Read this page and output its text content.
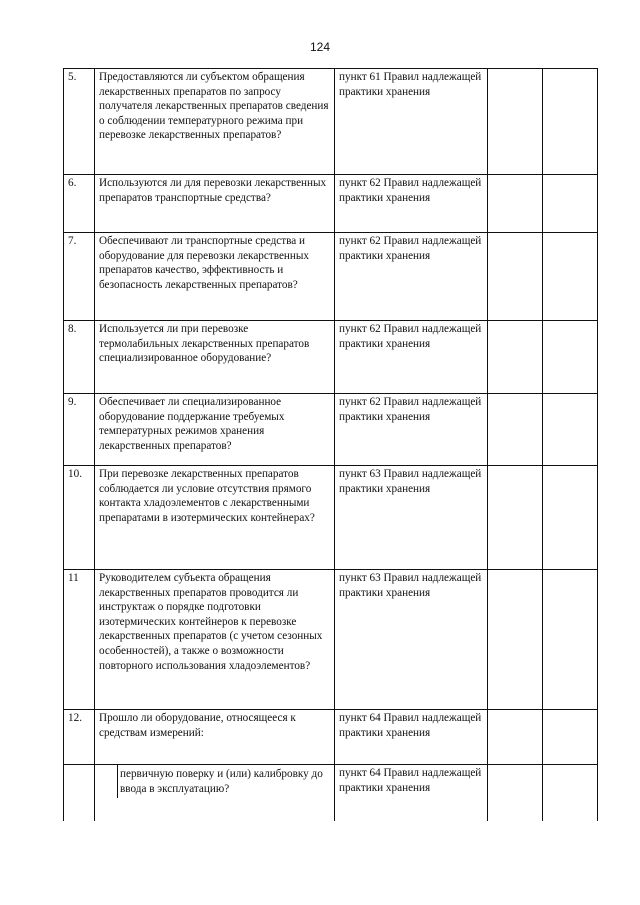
124
5.	Предоставляются ли субъектом обращения лекарственных препаратов по запросу получателя лекарственных препаратов сведения о соблюдении температурного режима при перевозке лекарственных препаратов?	пункт 61 Правил надлежащей практики хранения		
6.	Используются ли для перевозки лекарственных препаратов транспортные средства?	пункт 62 Правил надлежащей практики хранения		
7.	Обеспечивают ли транспортные средства и оборудование для перевозки лекарственных препаратов качество, эффективность и безопасность лекарственных препаратов?	пункт 62 Правил надлежащей практики хранения		
8.	Используется ли при перевозке термолабильных лекарственных препаратов специализированное оборудование?	пункт 62 Правил надлежащей практики хранения		
9.	Обеспечивает ли специализированное оборудование поддержание требуемых температурных режимов хранения лекарственных препаратов?	пункт 62 Правил надлежащей практики хранения		
10.	При перевозке лекарственных препаратов соблюдается ли условие отсутствия прямого контакта хладоэлементов с лекарственными препаратами в изотермических контейнерах?	пункт 63 Правил надлежащей практики хранения		
11	Руководителем субъекта обращения лекарственных препаратов проводится ли инструктаж о порядке подготовки изотермических контейнеров к перевозке лекарственных препаратов (с учетом сезонных особенностей), а также о возможности повторного использования хладоэлементов?	пункт 63 Правил надлежащей практики хранения		
12.	Прошло ли оборудование, относящееся к средствам измерений:	пункт 64 Правил надлежащей практики хранения		

	первичную поверку и (или) калибровку до ввода в эксплуатацию?	пункт 64 Правил надлежащей практики хранения		
